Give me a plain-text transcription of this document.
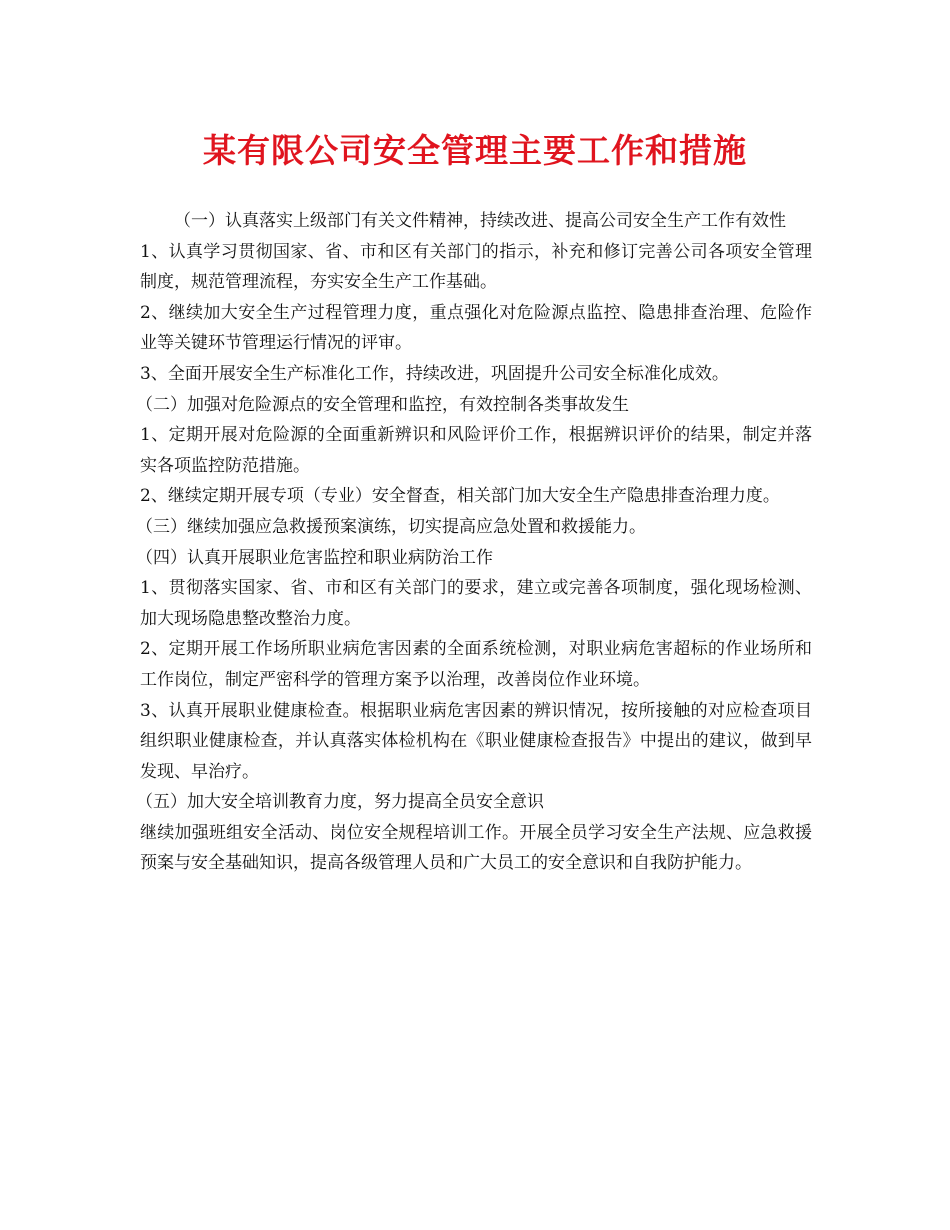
某有限公司安全管理主要工作和措施

（一）认真落实上级部门有关文件精神，持续改进、提高公司安全生产工作有效性

1、认真学习贯彻国家、省、市和区有关部门的指示，补充和修订完善公司各项安全管理制度，规范管理流程，夯实安全生产工作基础。

2、继续加大安全生产过程管理力度，重点强化对危险源点监控、隐患排查治理、危险作业等关键环节管理运行情况的评审。

3、全面开展安全生产标准化工作，持续改进，巩固提升公司安全标准化成效。

（二）加强对危险源点的安全管理和监控，有效控制各类事故发生

1、定期开展对危险源的全面重新辨识和风险评价工作，根据辨识评价的结果，制定并落实各项监控防范措施。

2、继续定期开展专项（专业）安全督查，相关部门加大安全生产隐患排查治理力度。

（三）继续加强应急救援预案演练，切实提高应急处置和救援能力。

（四）认真开展职业危害监控和职业病防治工作

1、贯彻落实国家、省、市和区有关部门的要求，建立或完善各项制度，强化现场检测、加大现场隐患整改整治力度。

2、定期开展工作场所职业病危害因素的全面系统检测，对职业病危害超标的作业场所和工作岗位，制定严密科学的管理方案予以治理，改善岗位作业环境。

3、认真开展职业健康检查。根据职业病危害因素的辨识情况，按所接触的对应检查项目组织职业健康检查，并认真落实体检机构在《职业健康检查报告》中提出的建议，做到早发现、早治疗。

（五）加大安全培训教育力度，努力提高全员安全意识

继续加强班组安全活动、岗位安全规程培训工作。开展全员学习安全生产法规、应急救援预案与安全基础知识，提高各级管理人员和广大员工的安全意识和自我防护能力。
